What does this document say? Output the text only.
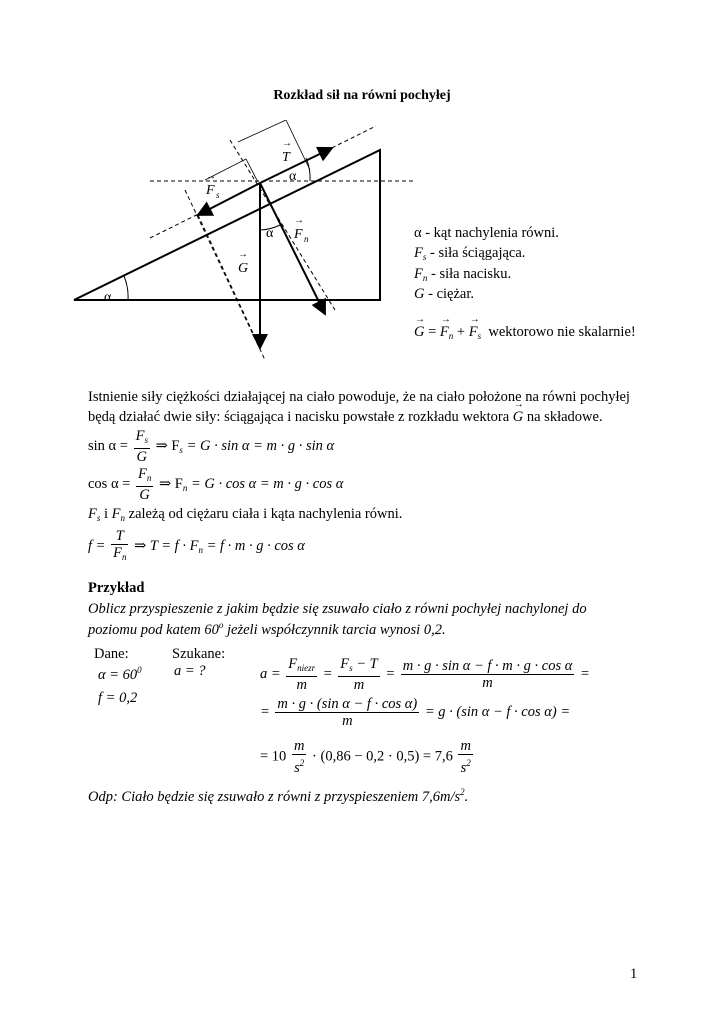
Rozkład sił na równi pochyłej
α
α
α
T
→
F s
→
F n
→
G
→
α - kąt nachylenia równi.
$F_s$ - siła ściągająca.
$F_n$ - siła nacisku.
G - ciężar.
→ G = → $F_n$ + → $F_s$ wektorowo nie skalarnie!
Istnienie siły ciężkości działającej na ciało powoduje, że na ciało położone na równi pochyłej
będą działać dwie siły: ściągająca i nacisku powstałe z rozkładu wektora → G na składowe.
$\sin \alpha = \frac{F_s}{G}$ ⇒ $F_s = G \cdot \sin \alpha = m \cdot g \cdot \sin \alpha$
$\cos \alpha = \frac{F_n}{G}$ ⇒ $F_n = G \cdot \cos \alpha = m \cdot g \cdot \cos \alpha$
$F_s$ i $F_n$ zależą od ciężaru ciała i kąta nachylenia równi.
$f = \frac{T}{F_n}$ ⇒ $T = f \cdot F_n = f \cdot m \cdot g \cdot \cos \alpha$
Przykład
Oblicz przyspieszenie z jakim będzie się zsuwało ciało z równi pochyłej nachylonej do
poziomu pod katem 60$^o$ jeżeli współczynnik tarcia wynosi 0,2.
Dane:
$\alpha = 60^0$
f = 0,2
Szukane:
a = ?	$a = \frac{F_{niezr}}{m} = \frac{F_s - T}{m} = \frac{\text{m · g · sin α − f · m · g · cos α}}{m}$ =
= $\frac{\text{m · g · (sin α − f · cos α)}}{m} = g \cdot (\sin$ α − f · cos α) =
= $10 \frac{m}{s^2} \cdot (0,86 - 0,2 \cdot 0,5) = 7,6 \frac{m}{s^2}$
Odp: Ciało będzie się zsuwało z równi z przyspieszeniem $7,6m/s^2$.
1
